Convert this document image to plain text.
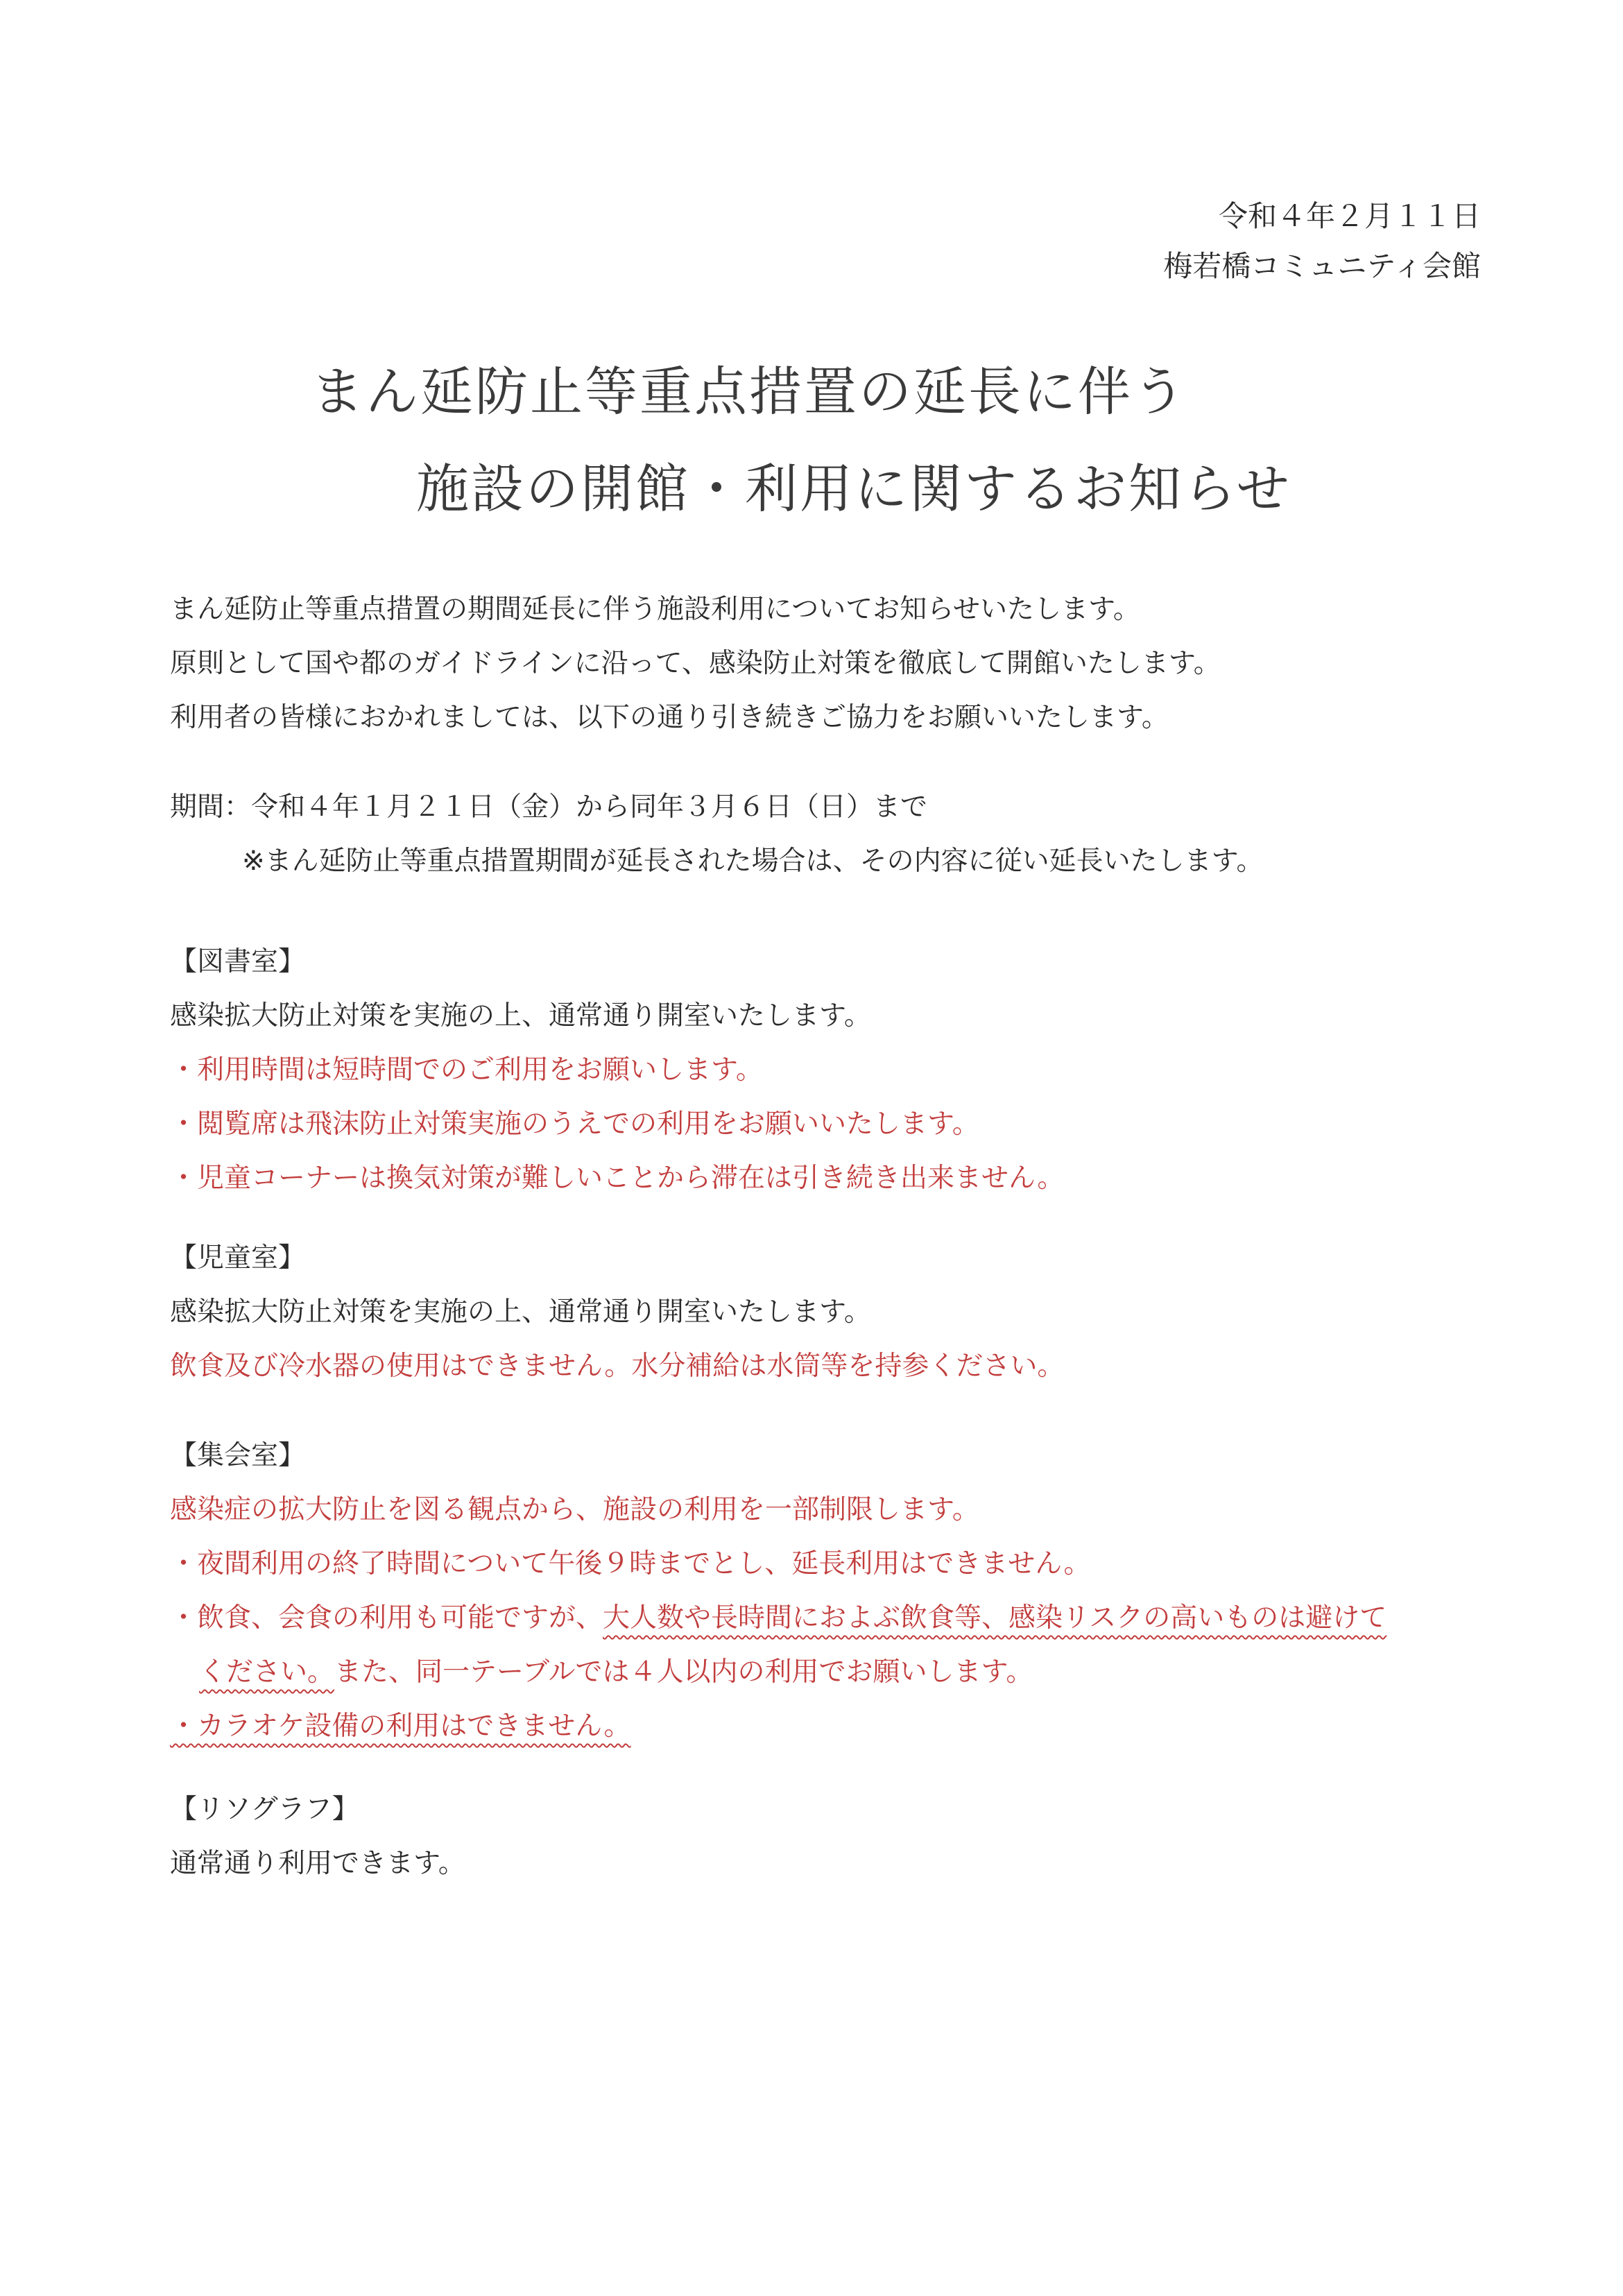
令和４年２月１１日
梅若橋コミュニティ会館
まん延防止等重点措置の延長に伴う
施設の開館・利用に関するお知らせ
まん延防止等重点措置の期間延長に伴う施設利用についてお知らせいたします。
原則として国や都のガイドラインに沿って、感染防止対策を徹底して開館いたします。
利用者の皆様におかれましては、以下の通り引き続きご協力をお願いいたします。
期間：令和４年１月２１日（金）から同年３月６日（日）まで
※まん延防止等重点措置期間が延長された場合は、その内容に従い延長いたします。
【図書室】
感染拡大防止対策を実施の上、通常通り開室いたします。
・利用時間は短時間でのご利用をお願いします。
・閲覧席は飛沫防止対策実施のうえでの利用をお願いいたします。
・児童コーナーは換気対策が難しいことから滞在は引き続き出来ません。
【児童室】
感染拡大防止対策を実施の上、通常通り開室いたします。
飲食及び冷水器の使用はできません。水分補給は水筒等を持参ください。
【集会室】
感染症の拡大防止を図る観点から、施設の利用を一部制限します。
・夜間利用の終了時間について午後９時までとし、延長利用はできません。
・飲食、会食の利用も可能ですが、大人数や長時間におよぶ飲食等、感染リスクの高いものは避けて
ください。また、同一テーブルでは４人以内の利用でお願いします。
・カラオケ設備の利用はできません。
【リソグラフ】
通常通り利用できます。
